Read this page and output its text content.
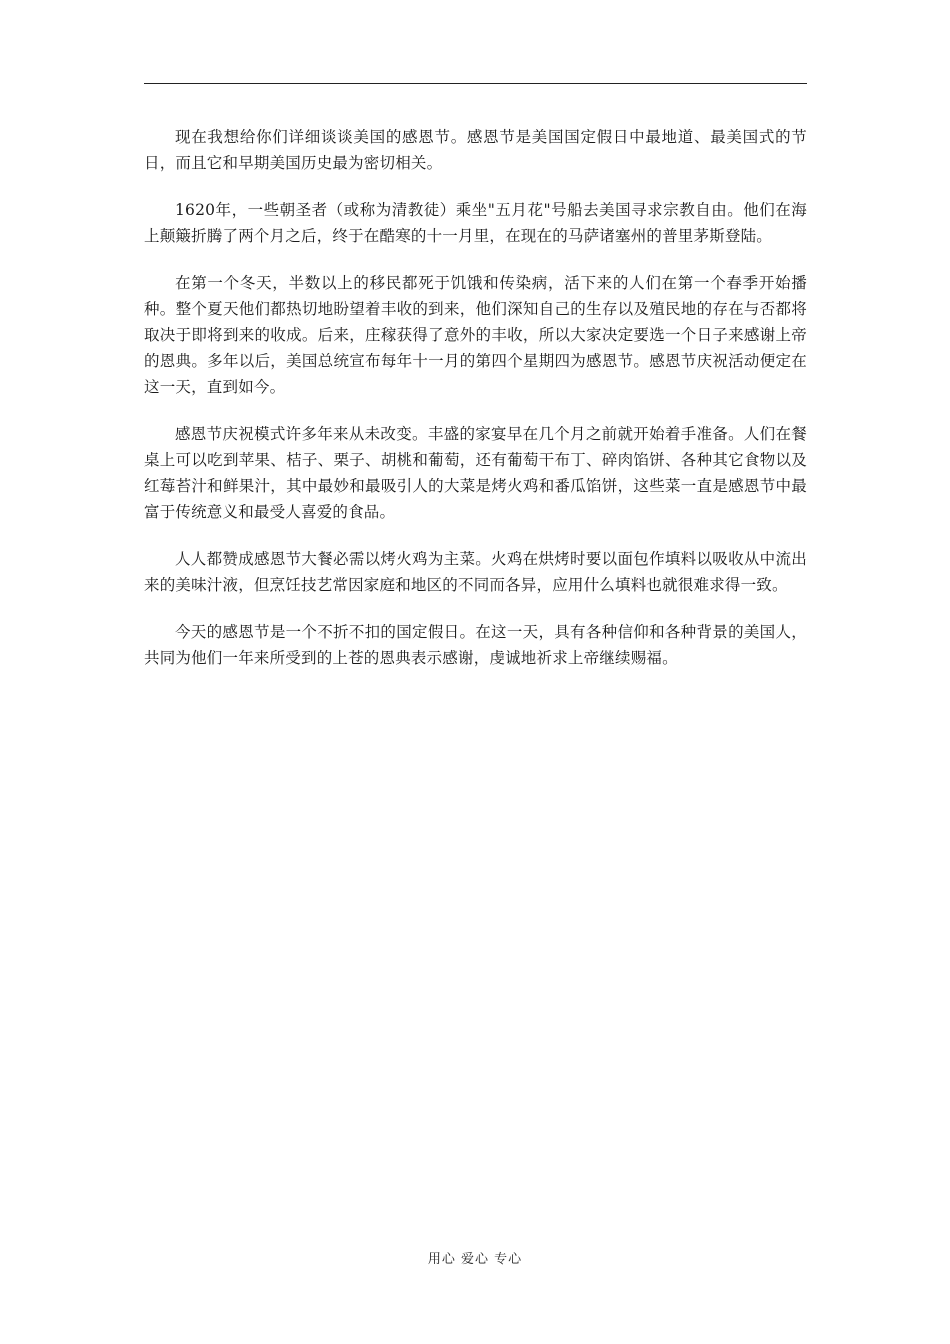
现在我想给你们详细谈谈美国的感恩节。感恩节是美国国定假日中最地道、最美国式的节日，而且它和早期美国历史最为密切相关。

1620年，一些朝圣者（或称为清教徒）乘坐"五月花"号船去美国寻求宗教自由。他们在海上颠簸折腾了两个月之后，终于在酷寒的十一月里，在现在的马萨诸塞州的普里茅斯登陆。

在第一个冬天，半数以上的移民都死于饥饿和传染病，活下来的人们在第一个春季开始播种。整个夏天他们都热切地盼望着丰收的到来，他们深知自己的生存以及殖民地的存在与否都将取决于即将到来的收成。后来，庄稼获得了意外的丰收，所以大家决定要选一个日子来感谢上帝的恩典。多年以后，美国总统宣布每年十一月的第四个星期四为感恩节。感恩节庆祝活动便定在这一天，直到如今。

感恩节庆祝模式许多年来从未改变。丰盛的家宴早在几个月之前就开始着手准备。人们在餐桌上可以吃到苹果、桔子、栗子、胡桃和葡萄，还有葡萄干布丁、碎肉馅饼、各种其它食物以及红莓苔汁和鲜果汁，其中最妙和最吸引人的大菜是烤火鸡和番瓜馅饼，这些菜一直是感恩节中最富于传统意义和最受人喜爱的食品。

人人都赞成感恩节大餐必需以烤火鸡为主菜。火鸡在烘烤时要以面包作填料以吸收从中流出来的美味汁液，但烹饪技艺常因家庭和地区的不同而各异，应用什么填料也就很难求得一致。

今天的感恩节是一个不折不扣的国定假日。在这一天，具有各种信仰和各种背景的美国人，共同为他们一年来所受到的上苍的恩典表示感谢，虔诚地祈求上帝继续赐福。

用心 爱心 专心
